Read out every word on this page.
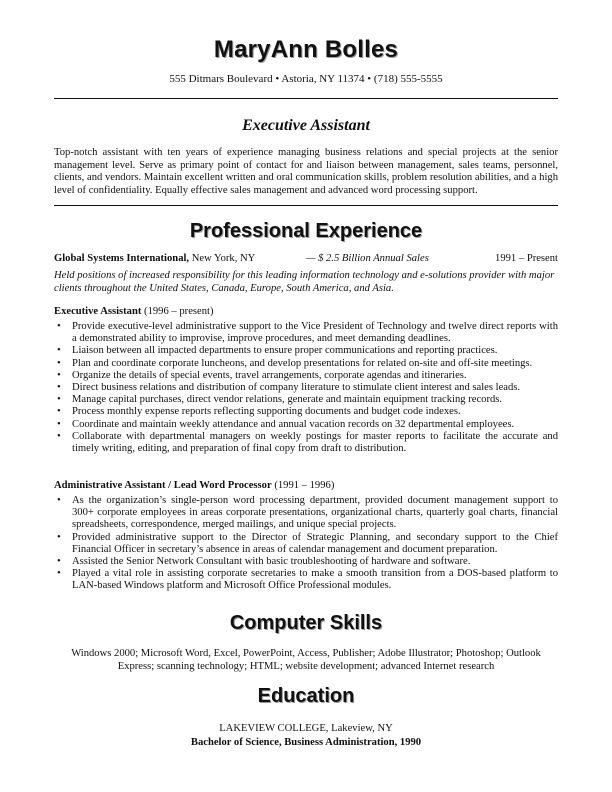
MaryAnn Bolles
555 Ditmars Boulevard • Astoria, NY 11374 • (718) 555-5555
Executive Assistant
Top-notch assistant with ten years of experience managing business relations and special projects at the senior management level. Serve as primary point of contact for and liaison between management, sales teams, personnel, clients, and vendors. Maintain excellent written and oral communication skills, problem resolution abilities, and a high level of confidentiality. Equally effective sales management and advanced word processing support.
Professional Experience
Global Systems International, New York, NY	— $ 2.5 Billion Annual Sales	1991 – Present
Held positions of increased responsibility for this leading information technology and e-solutions provider with major clients throughout the United States, Canada, Europe, South America, and Asia.
Executive Assistant (1996 – present)
• Provide executive-level administrative support to the Vice President of Technology and twelve direct reports with a demonstrated ability to improvise, improve procedures, and meet demanding deadlines.
• Liaison between all impacted departments to ensure proper communications and reporting practices.
• Plan and coordinate corporate luncheons, and develop presentations for related on-site and off-site meetings.
• Organize the details of special events, travel arrangements, corporate agendas and itineraries.
• Direct business relations and distribution of company literature to stimulate client interest and sales leads.
• Manage capital purchases, direct vendor relations, generate and maintain equipment tracking records.
• Process monthly expense reports reflecting supporting documents and budget code indexes.
• Coordinate and maintain weekly attendance and annual vacation records on 32 departmental employees.
• Collaborate with departmental managers on weekly postings for master reports to facilitate the accurate and timely writing, editing, and preparation of final copy from draft to distribution.
Administrative Assistant / Lead Word Processor (1991 – 1996)
• As the organization’s single-person word processing department, provided document management support to 300+ corporate employees in areas corporate presentations, organizational charts, quarterly goal charts, financial spreadsheets, correspondence, merged mailings, and unique special projects.
• Provided administrative support to the Director of Strategic Planning, and secondary support to the Chief Financial Officer in secretary’s absence in areas of calendar management and document preparation.
• Assisted the Senior Network Consultant with basic troubleshooting of hardware and software.
• Played a vital role in assisting corporate secretaries to make a smooth transition from a DOS-based platform to LAN-based Windows platform and Microsoft Office Professional modules.
Computer Skills
Windows 2000; Microsoft Word, Excel, PowerPoint, Access, Publisher; Adobe Illustrator; Photoshop; Outlook Express; scanning technology; HTML; website development; advanced Internet research
Education
LAKEVIEW COLLEGE, Lakeview, NY
Bachelor of Science, Business Administration, 1990
